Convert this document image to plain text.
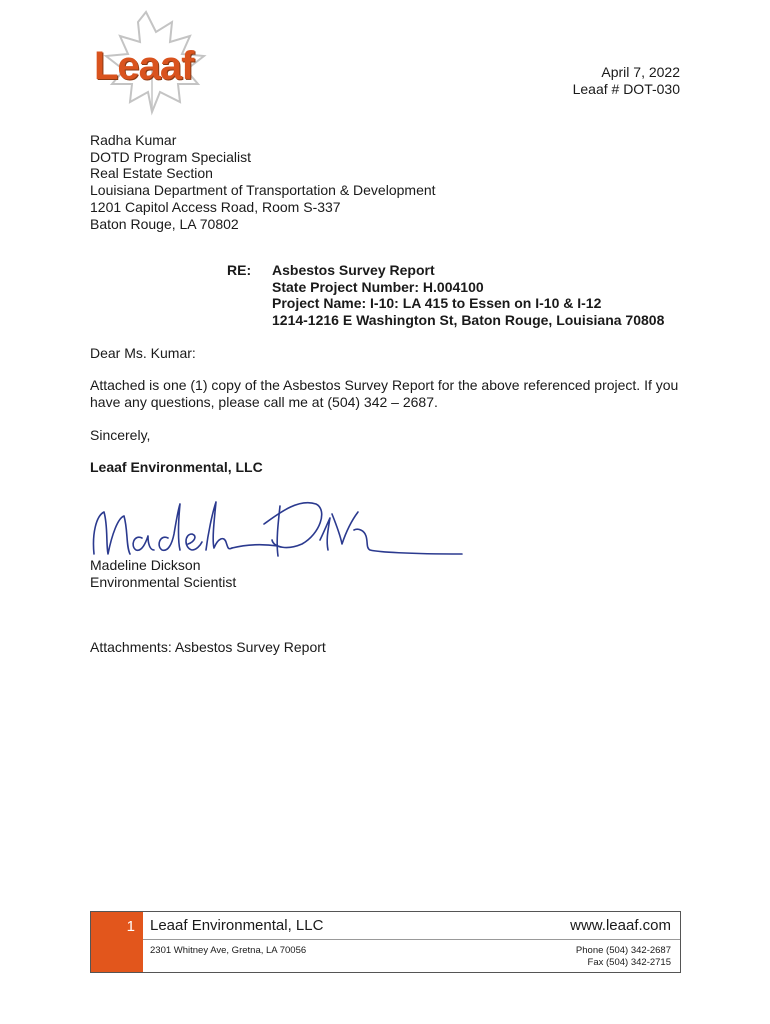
Leaaf	April 7, 2022
Leaaf # DOT-030
Radha Kumar
DOTD Program Specialist
Real Estate Section
Louisiana Department of Transportation & Development
1201 Capitol Access Road, Room S-337
Baton Rouge, LA 70802
RE: Asbestos Survey Report
State Project Number: H.004100
Project Name: I-10: LA 415 to Essen on I-10 & I-12
1214-1216 E Washington St, Baton Rouge, Louisiana 70808
Dear Ms. Kumar:
Attached is one (1) copy of the Asbestos Survey Report for the above referenced project. If you
have any questions, please call me at (504) 342 – 2687.
Sincerely,
Leaaf Environmental, LLC
Madeline Dickson
Environmental Scientist
Attachments: Asbestos Survey Report
1	Leaaf Environmental, LLC	www.leaaf.com
2301 Whitney Ave, Gretna, LA 70056	Phone (504) 342-2687
Fax (504) 342-2715
